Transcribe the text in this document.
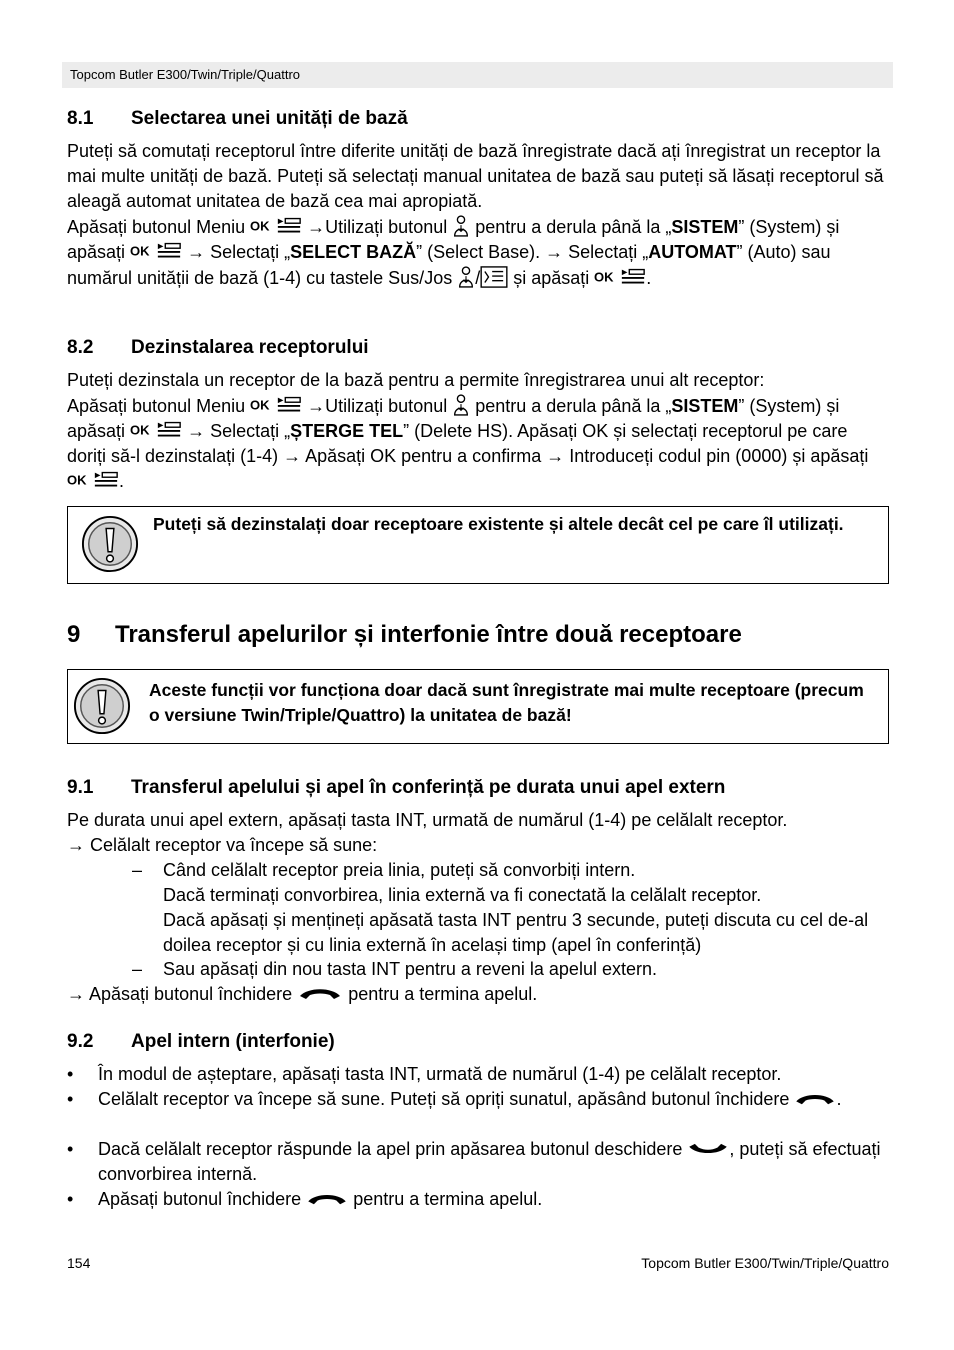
Topcom Butler E300/Twin/Triple/Quattro
8.1 Selectarea unei unități de bază

Puteți să comutați receptorul între diferite unități de bază înregistrate dacă ați înregistrat un receptor la mai multe unități de bază. Puteți să selectați manual unitatea de bază sau puteți să lăsați receptorul să aleagă automat unitatea de bază cea mai apropiată.

Apăsați butonul Meniu	→Utilizați butonul pentru a derula până la „SISTEM” (System) și apăsați	→ Selectați „SELECT BAZĂ” (Select Base). → Selectați „AUTOMAT” (Auto) sau numărul unității de bază (1-4) cu tastele Sus/Jos / și apăsați	.

8.2 Dezinstalarea receptorului

Puteți dezinstala un receptor de la bază pentru a permite înregistrarea unui alt receptor:

Apăsați butonul Meniu	→Utilizați butonul pentru a derula până la „SISTEM” (System) și apăsați	→ Selectați „ȘTERGE TEL” (Delete HS). Apăsați OK și selectați receptorul pe care doriți să-l dezinstalați (1-4) → Apăsați OK pentru a confirma → Introduceți codul pin (0000) și apăsați .

Puteți să dezinstalați doar receptoare existente și altele decât cel pe care îl utilizați.
9 Transferul apelurilor și interfonie între două receptoare
Aceste funcții vor funcționa doar dacă sunt înregistrate mai multe receptoare (precum o versiune Twin/Triple/Quattro) la unitatea de bază!
9.1 Transferul apelului și apel în conferință pe durata unui apel extern

Pe durata unui apel extern, apăsați tasta INT, urmată de numărul (1-4) pe celălalt receptor.

→ Celălalt receptor va începe să sune:

– Când celălalt receptor preia linia, puteți să convorbiți intern.

Dacă terminați convorbirea, linia externă va fi conectată la celălalt receptor.

Dacă apăsați și mențineți apăsată tasta INT pentru 3 secunde, puteți discuta cu cel de-al doilea receptor și cu linia externă în același timp (apel în conferință)

– Sau apăsați din nou tasta INT pentru a reveni la apelul extern.

→ Apăsați butonul închidere	pentru a termina apelul.

9.2 Apel intern (interfonie)
• În modul de așteptare, apăsați tasta INT, urmată de numărul (1-4) pe celălalt receptor.

• Celălalt receptor va începe să sune. Puteți să opriți sunatul, apăsând butonul închidere	.

• Dacă celălalt receptor răspunde la apel prin apăsarea butonul deschidere	, puteți să efectuați convorbirea internă.

• Apăsați butonul închidere	pentru a termina apelul.

154	Topcom Butler E300/Twin/Triple/Quattro
